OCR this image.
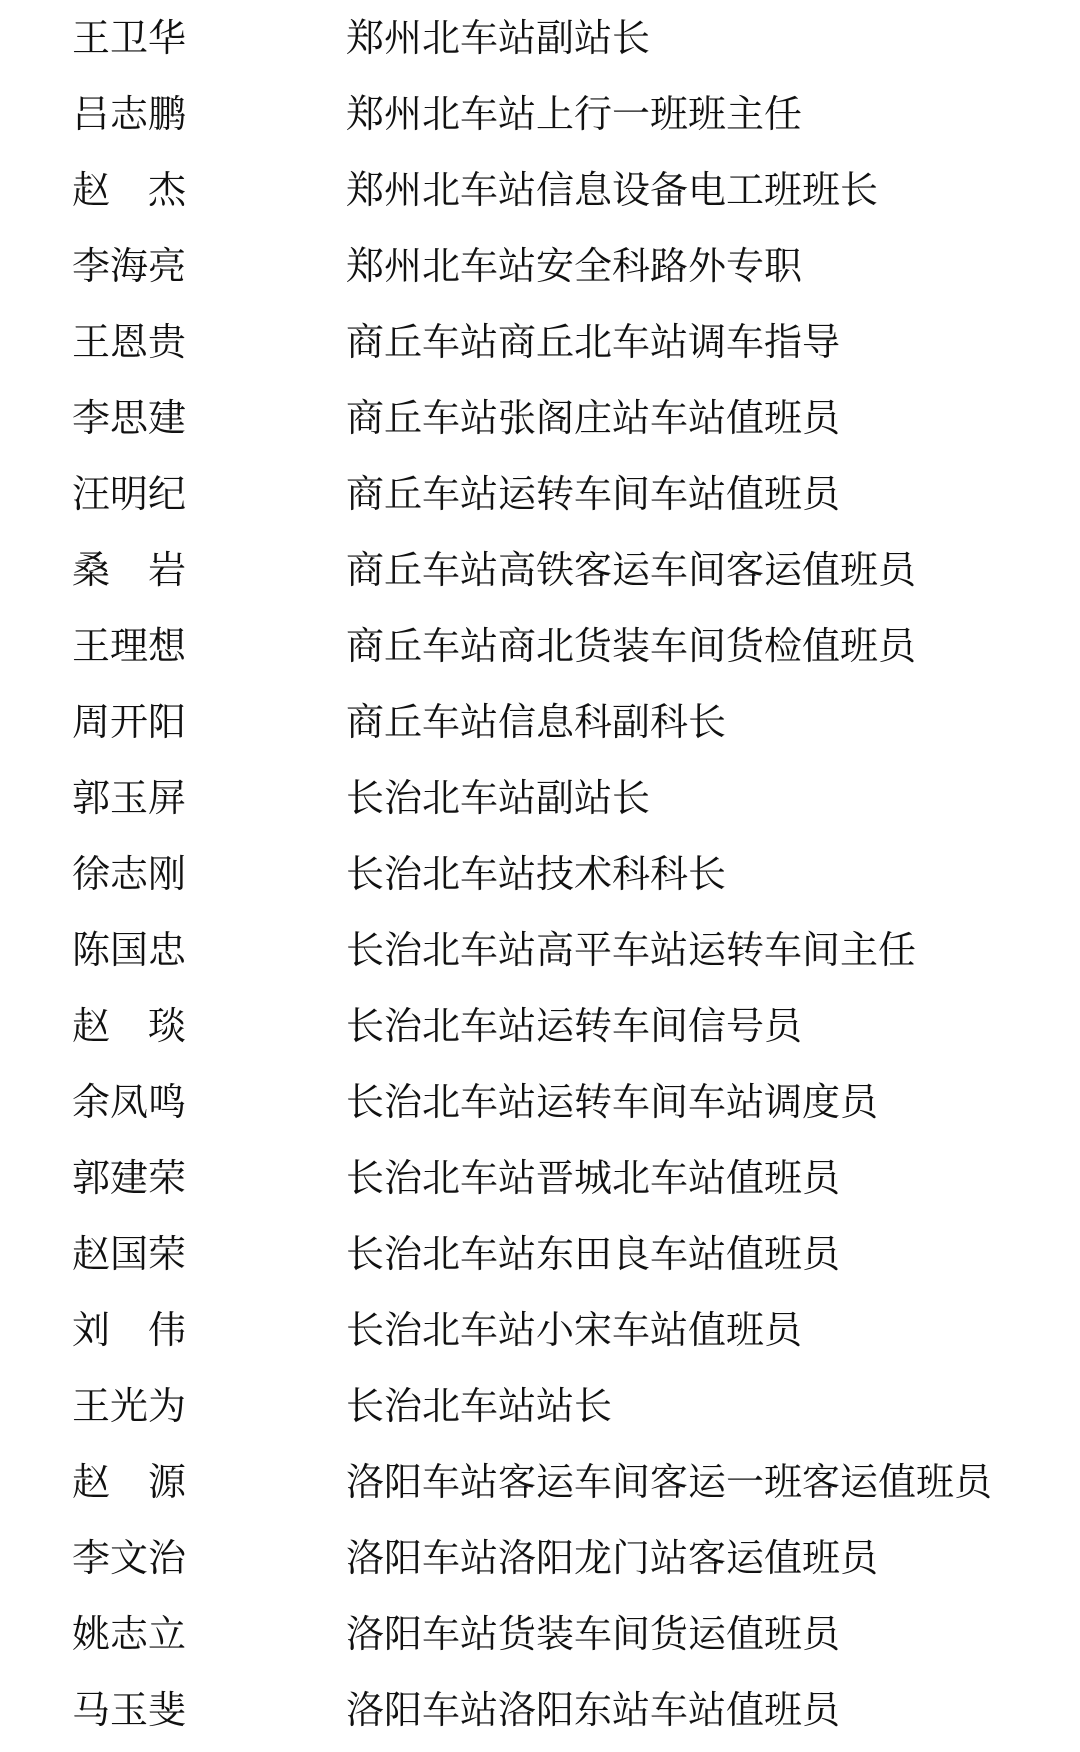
王卫华	郑州北车站副站长
吕志鹏	郑州北车站上行一班班主任
赵　杰	郑州北车站信息设备电工班班长
李海亮	郑州北车站安全科路外专职
王恩贵	商丘车站商丘北车站调车指导
李思建	商丘车站张阁庄站车站值班员
汪明纪	商丘车站运转车间车站值班员
桑　岩	商丘车站高铁客运车间客运值班员
王理想	商丘车站商北货装车间货检值班员
周开阳	商丘车站信息科副科长
郭玉屏	长治北车站副站长
徐志刚	长治北车站技术科科长
陈国忠	长治北车站高平车站运转车间主任
赵　琰	长治北车站运转车间信号员
余凤鸣	长治北车站运转车间车站调度员
郭建荣	长治北车站晋城北车站值班员
赵国荣	长治北车站东田良车站值班员
刘　伟	长治北车站小宋车站值班员
王光为	长治北车站站长
赵　源	洛阳车站客运车间客运一班客运值班员
李文治	洛阳车站洛阳龙门站客运值班员
姚志立	洛阳车站货装车间货运值班员
马玉斐	洛阳车站洛阳东站车站值班员
